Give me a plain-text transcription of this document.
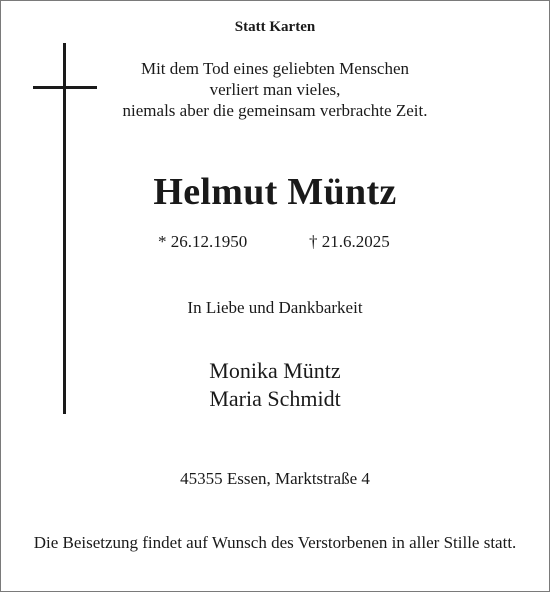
Statt Karten
Mit dem Tod eines geliebten Menschen
verliert man vieles,
niemals aber die gemeinsam verbrachte Zeit.
Helmut Müntz
* 26.12.1950	† 21.6.2025
In Liebe und Dankbarkeit
Monika Müntz
Maria Schmidt
45355 Essen, Marktstraße 4
Die Beisetzung findet auf Wunsch des Verstorbenen in aller Stille statt.
